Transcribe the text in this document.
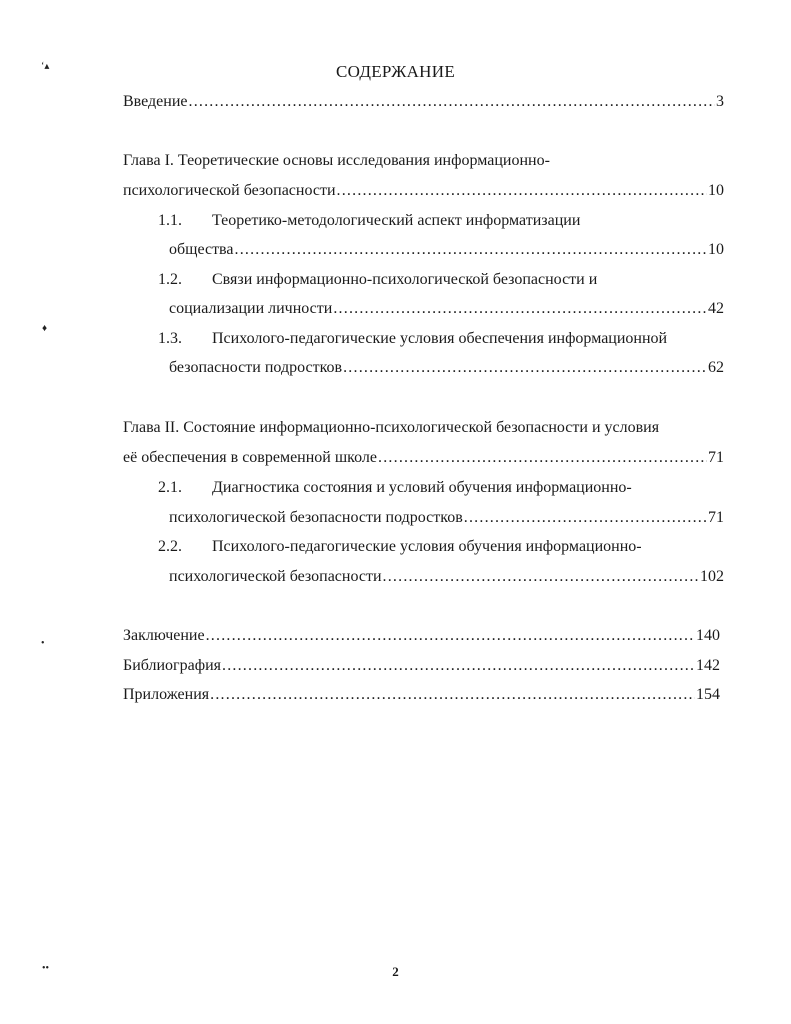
СОДЕРЖАНИЕ
Введение .....	3
Глава I. Теоретические основы исследования информационно-
психологической безопасности .....	10
1.1. Теоретико-методологический аспект информатизации
общества .....	10
1.2. Связи информационно-психологической безопасности и
социализации личности .....	42
1.3. Психолого-педагогические условия обеспечения информационной
безопасности подростков .....	62
Глава II. Состояние информационно-психологической безопасности и условия
её обеспечения в современной школе .....	71
2.1. Диагностика состояния и условий обучения информационно-
психологической безопасности подростков .....	71
2.2. Психолого-педагогические условия обучения информационно-
психологической безопасности .....	102
Заключение .....	140
Библиография .....	142
Приложения .....	154
2
‘▴
♦
•
••
